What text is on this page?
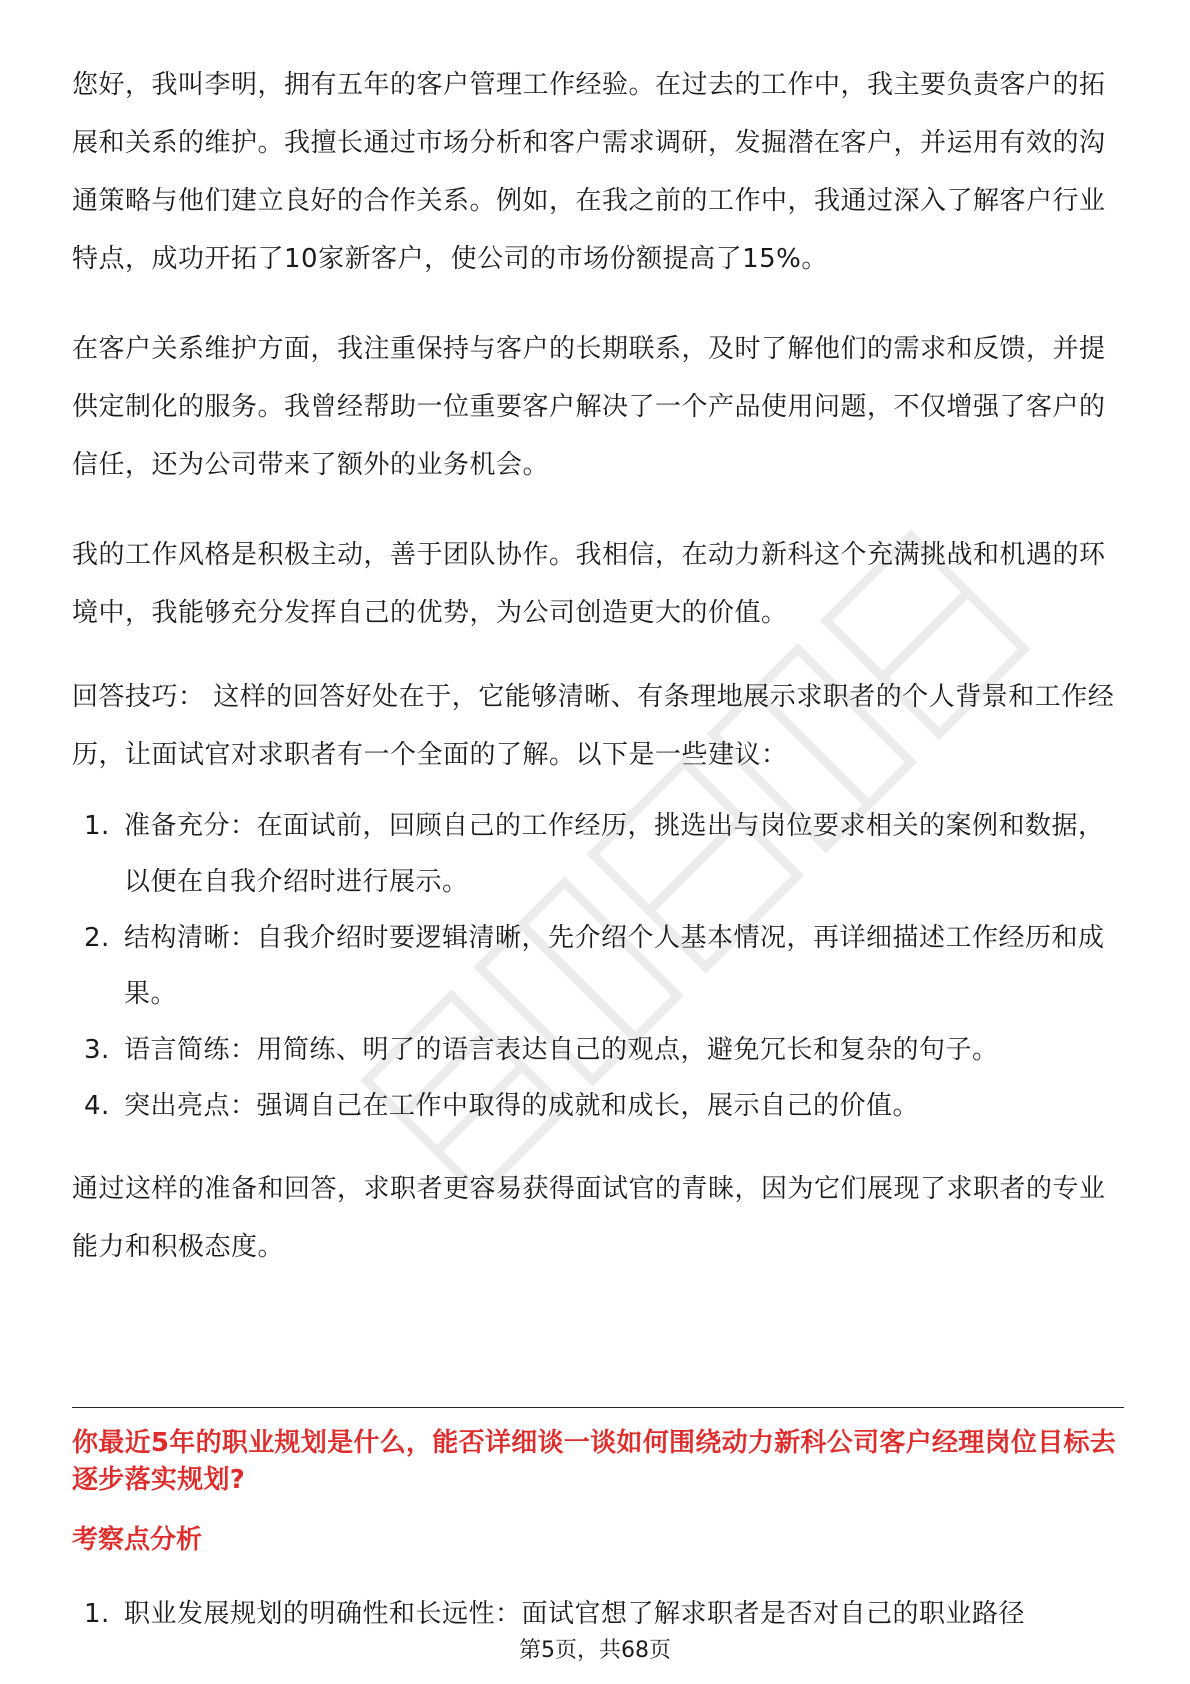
您好，我叫李明，拥有五年的客户管理工作经验。在过去的工作中，我主要负责客户的拓展和关系的维护。我擅长通过市场分析和客户需求调研，发掘潜在客户，并运用有效的沟通策略与他们建立良好的合作关系。例如，在我之前的工作中，我通过深入了解客户行业特点，成功开拓了10家新客户，使公司的市场份额提高了15%。

在客户关系维护方面，我注重保持与客户的长期联系，及时了解他们的需求和反馈，并提供定制化的服务。我曾经帮助一位重要客户解决了一个产品使用问题，不仅增强了客户的信任，还为公司带来了额外的业务机会。

我的工作风格是积极主动，善于团队协作。我相信，在动力新科这个充满挑战和机遇的环境中，我能够充分发挥自己的优势，为公司创造更大的价值。

回答技巧： 这样的回答好处在于，它能够清晰、有条理地展示求职者的个人背景和工作经历，让面试官对求职者有一个全面的了解。以下是一些建议：

1. 准备充分：在面试前，回顾自己的工作经历，挑选出与岗位要求相关的案例和数据，以便在自我介绍时进行展示。
2. 结构清晰：自我介绍时要逻辑清晰，先介绍个人基本情况，再详细描述工作经历和成果。
3. 语言简练：用简练、明了的语言表达自己的观点，避免冗长和复杂的句子。
4. 突出亮点：强调自己在工作中取得的成就和成长，展示自己的价值。

通过这样的准备和回答，求职者更容易获得面试官的青睐，因为它们展现了求职者的专业能力和积极态度。

你最近5年的职业规划是什么，能否详细谈一谈如何围绕动力新科公司客户经理岗位目标去逐步落实规划?
考察点分析
1. 职业发展规划的明确性和长远性：面试官想了解求职者是否对自己的职业路径
第5页，共68页
